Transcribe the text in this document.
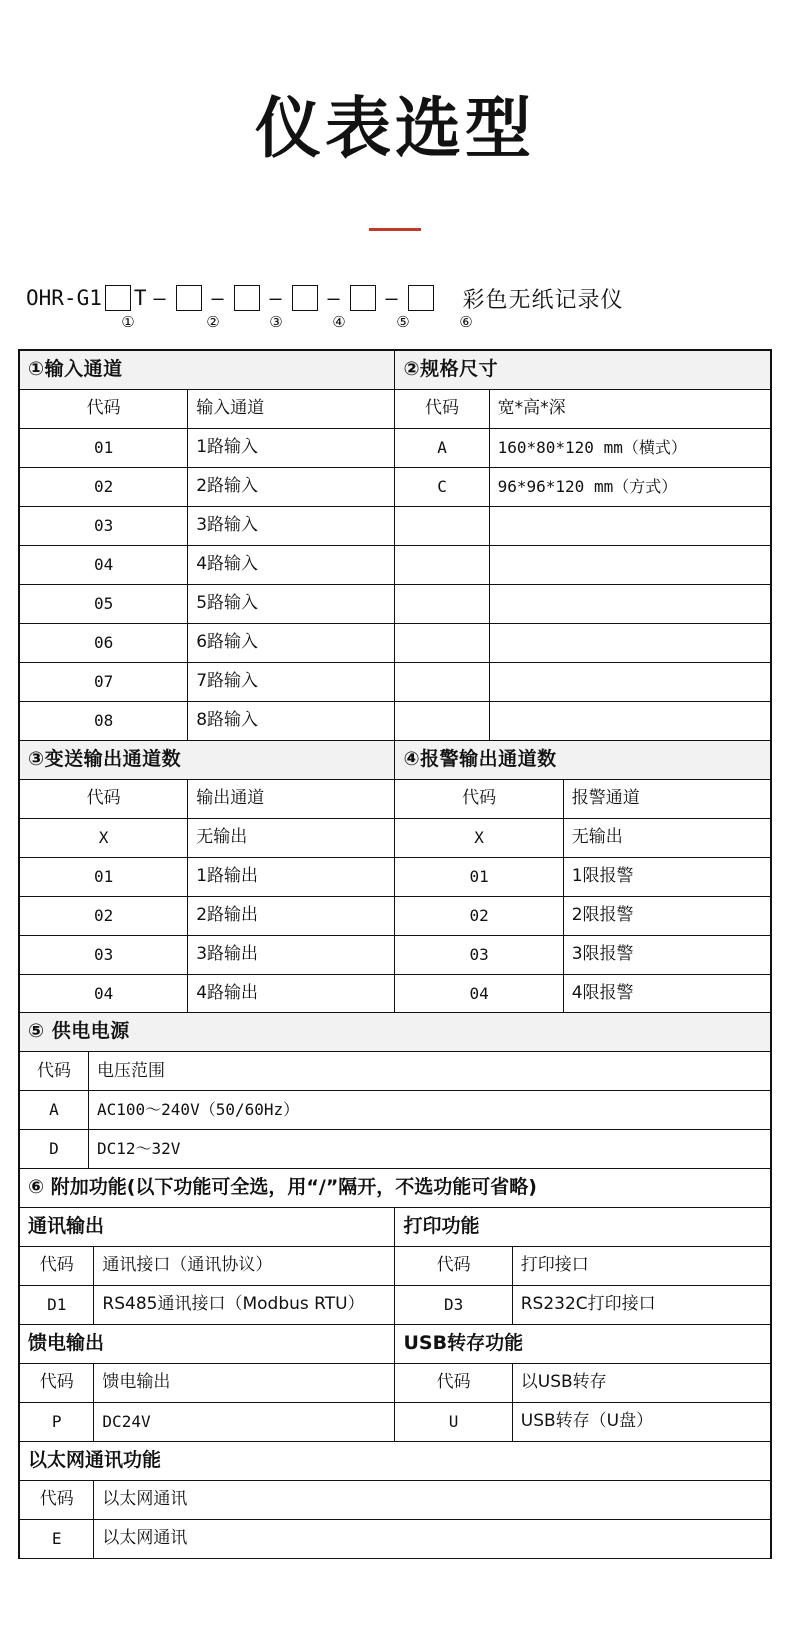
仪表选型
OHR-G1 T –	–	–	–	–	彩色无纸记录仪
①	②	③	④	⑤	⑥
①输入通道		②规格尺寸	
代码	输入通道	代码	宽*高*深
01	1路输入	A	160*80*120 mm（横式）
02	2路输入	C	96*96*120 mm（方式）
03	3路输入		
04	4路输入		
05	5路输入		
06	6路输入		
07	7路输入		
08	8路输入		
③变送输出通道数		④报警输出通道数	
代码	输出通道	代码	报警通道
X	无输出	X	无输出
01	1路输出	01	1限报警
02	2路输出	02	2限报警
03	3路输出	03	3限报警
04	4路输出	04	4限报警
⑤ 供电电源	
代码	电压范围
A	AC100～240V（50/60Hz）
D	DC12～32V
⑥ 附加功能(以下功能可全选，用“/”隔开，不选功能可省略)			
通讯输出		打印功能	
代码	通讯接口（通讯协议）	代码	打印接口
D1	RS485通讯接口（Modbus RTU）	D3	RS232C打印接口
馈电输出		USB转存功能	
代码	馈电输出	代码	以USB转存
P	DC24V	U	USB转存（U盘）
以太网通讯功能			
代码	以太网通讯		
E	以太网通讯		
